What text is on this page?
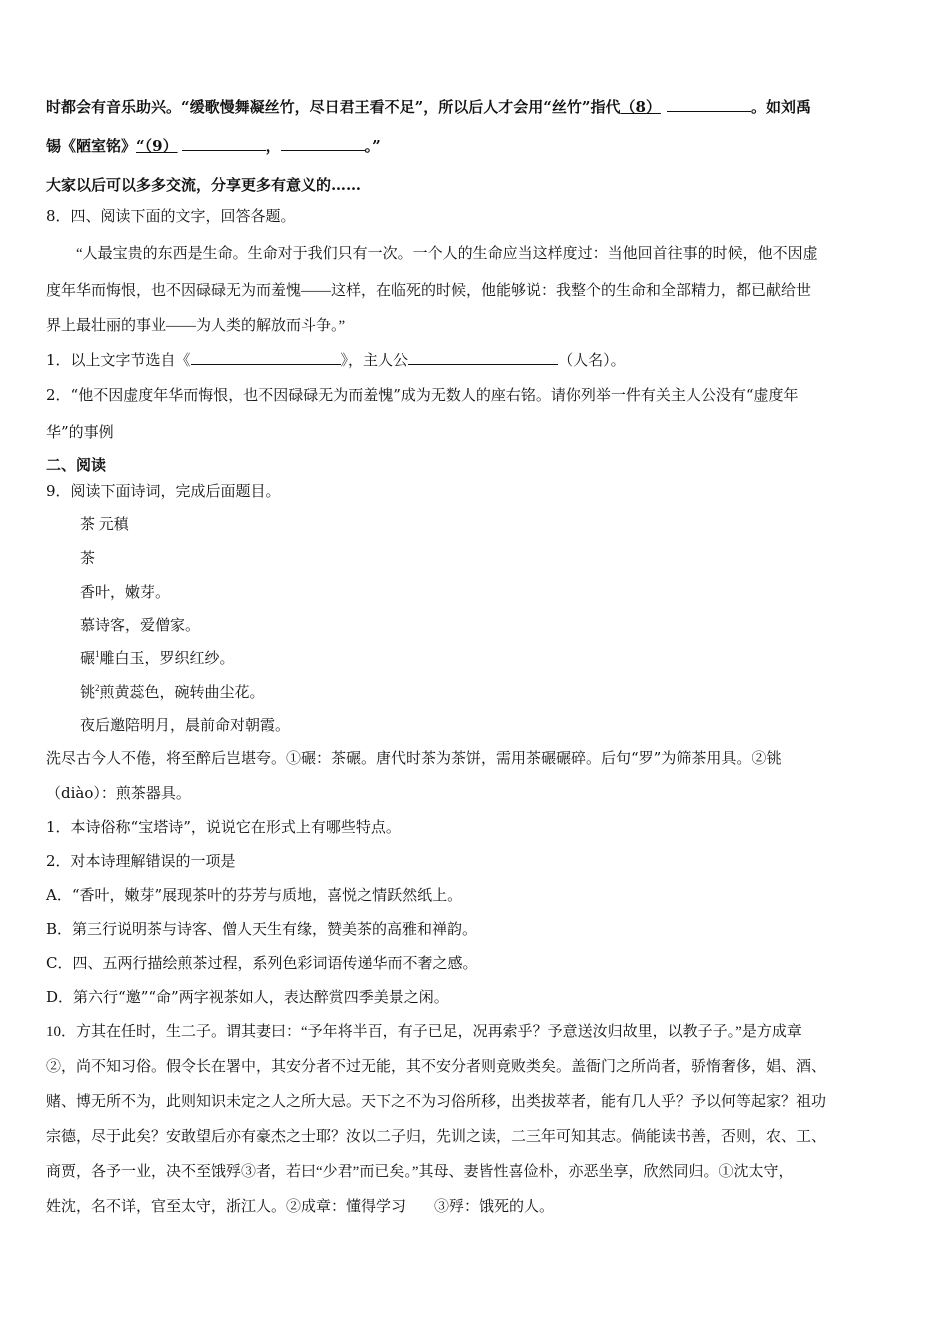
时都会有音乐助兴。“缓歌慢舞凝丝竹，尽日君王看不足”，所以后人才会用“丝竹”指代（8）	。如刘禹
锡《陋室铭》“（9）	，	。”
大家以后可以多多交流，分享更多有意义的……
8．四、阅读下面的文字，回答各题。
“人最宝贵的东西是生命。生命对于我们只有一次。一个人的生命应当这样度过：当他回首往事的时候，他不因虚
度年华而悔恨，也不因碌碌无为而羞愧——这样，在临死的时候，他能够说：我整个的生命和全部精力，都已献给世
界上最壮丽的事业——为人类的解放而斗争。”
1．以上文字节选自《	》，主人公	（人名）。
2．“他不因虚度年华而悔恨，也不因碌碌无为而羞愧”成为无数人的座右铭。请你列举一件有关主人公没有“虚度年
华”的事例
二、阅读
9．阅读下面诗词，完成后面题目。
茶 元稹
茶
香叶，嫩芽。
慕诗客，爱僧家。
碾$^1$雕白玉，罗织红纱。
铫$^2$煎黄蕊色，碗转曲尘花。
夜后邀陪明月，晨前命对朝霞。
洗尽古今人不倦，将至醉后岂堪夸。①碾：茶碾。唐代时茶为茶饼，需用茶碾碾碎。后句“罗”为筛茶用具。②铫
（diào）：煎茶器具。
1．本诗俗称“宝塔诗”，说说它在形式上有哪些特点。
2．对本诗理解错误的一项是
A．“香叶，嫩芽”展现茶叶的芬芳与质地，喜悦之情跃然纸上。
B．第三行说明茶与诗客、僧人天生有缘，赞美茶的高雅和禅韵。
C．四、五两行描绘煎茶过程，系列色彩词语传递华而不奢之感。
D．第六行“邀”“命”两字视茶如人，表达醉赏四季美景之闲。
10．方其在任时，生二子。谓其妻曰：“予年将半百，有子已足，况再索乎？予意送汝归故里，以教子子。”是方成章
②，尚不知习俗。假令长在署中，其安分者不过无能，其不安分者则竟败类矣。盖衙门之所尚者，骄惰奢侈，娼、酒、
赌、博无所不为，此则知识未定之人之所大忌。天下之不为习俗所移，出类拔萃者，能有几人乎？予以何等起家？祖功
宗德，尽于此矣？安敢望后亦有豪杰之士耶？汝以二子归，先训之读，二三年可知其志。倘能读书善，否则，农、工、
商贾，各予一业，决不至饿殍③者，若曰“少君”而已矣。”其母、妻皆性喜俭朴，亦恶坐享，欣然同归。①沈太守，
姓沈，名不详，官至太守，浙江人。②成章：懂得学习 ③殍：饿死的人。
